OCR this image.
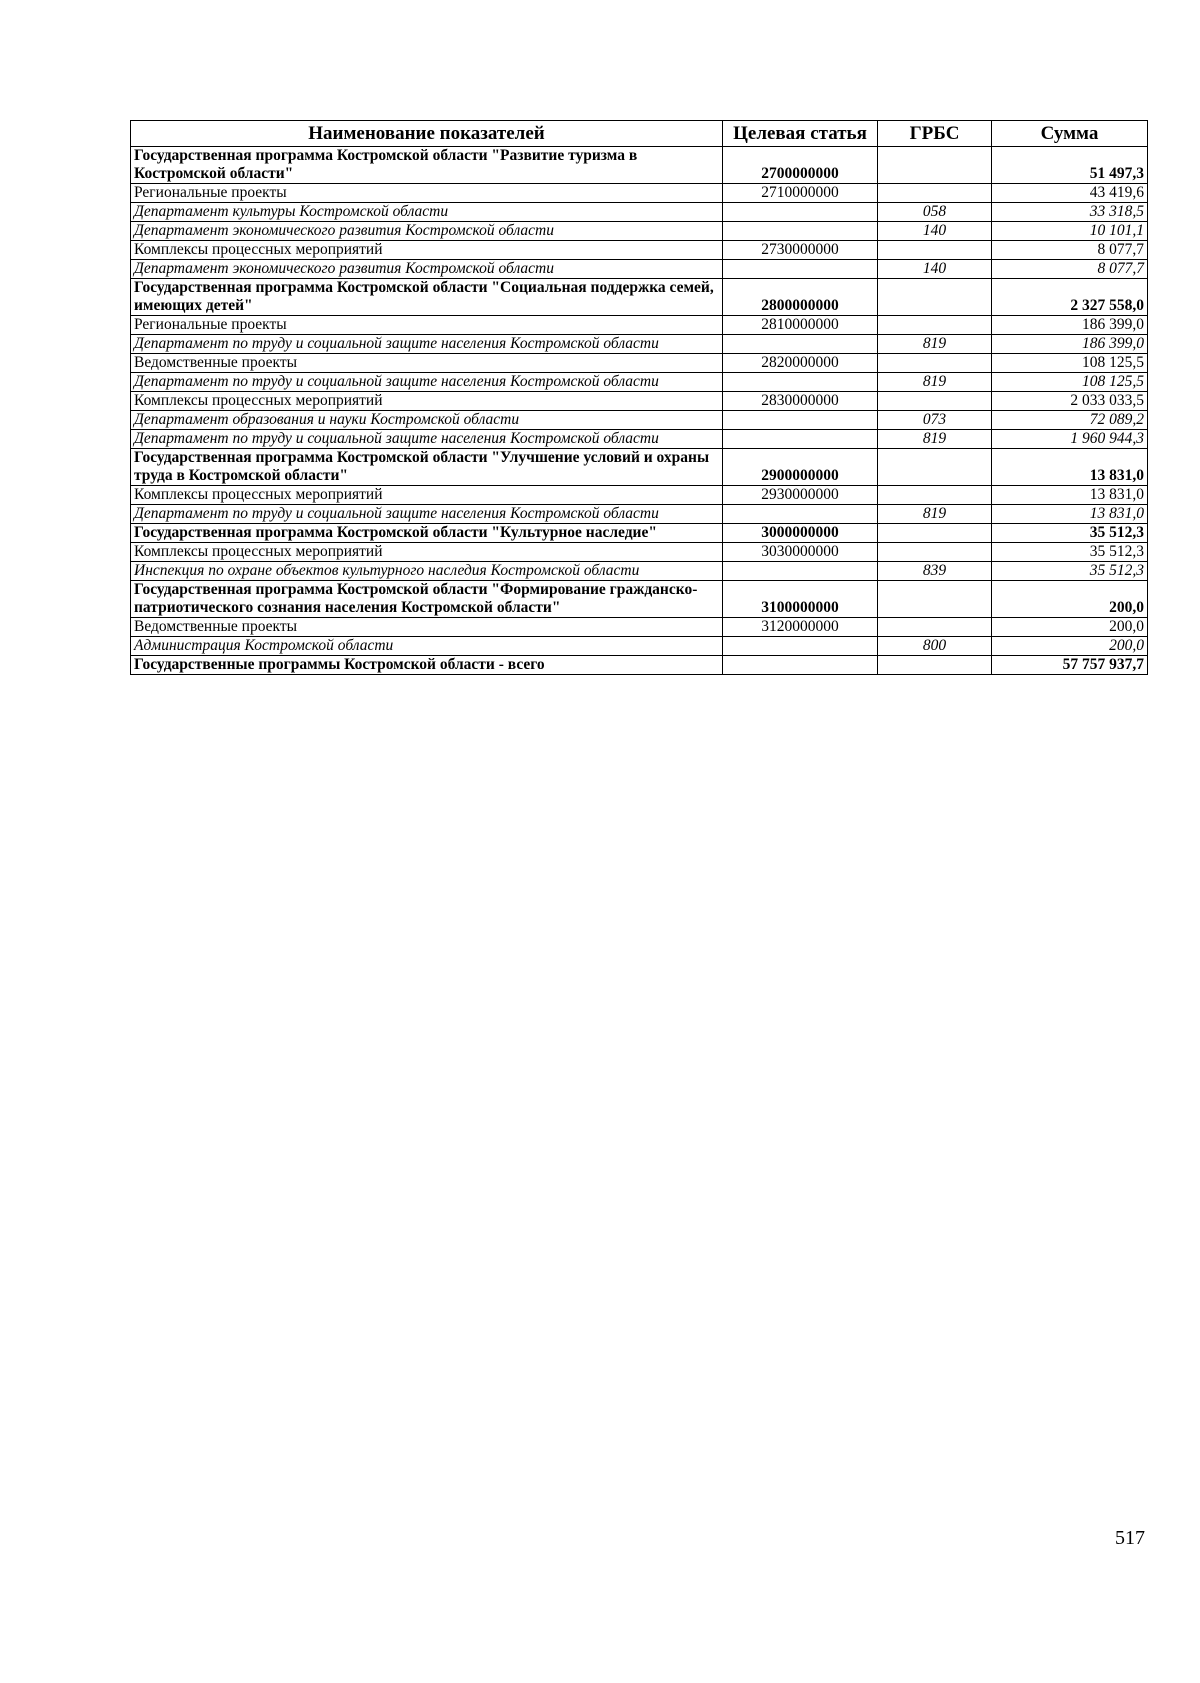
Наименование показателей	Целевая статья	ГРБС	Сумма
Государственная программа Костромской области "Развитие туризма в Костромской области"	2700000000		51 497,3
Региональные проекты	2710000000		43 419,6
Департамент культуры Костромской области		058	33 318,5
Департамент экономического развития Костромской области		140	10 101,1
Комплексы процессных мероприятий	2730000000		8 077,7
Департамент экономического развития Костромской области		140	8 077,7
Государственная программа Костромской области "Социальная поддержка семей, имеющих детей"	2800000000		2 327 558,0
Региональные проекты	2810000000		186 399,0
Департамент по труду и социальной защите населения Костромской области		819	186 399,0
Ведомственные проекты	2820000000		108 125,5
Департамент по труду и социальной защите населения Костромской области		819	108 125,5
Комплексы процессных мероприятий	2830000000		2 033 033,5
Департамент образования и науки Костромской области		073	72 089,2
Департамент по труду и социальной защите населения Костромской области		819	1 960 944,3
Государственная программа Костромской области "Улучшение условий и охраны труда в Костромской области"	2900000000		13 831,0
Комплексы процессных мероприятий	2930000000		13 831,0
Департамент по труду и социальной защите населения Костромской области		819	13 831,0
Государственная программа Костромской области "Культурное наследие"	3000000000		35 512,3
Комплексы процессных мероприятий	3030000000		35 512,3
Инспекция по охране объектов культурного наследия Костромской области		839	35 512,3
Государственная программа Костромской области "Формирование гражданско-патриотического сознания населения Костромской области"	3100000000		200,0
Ведомственные проекты	3120000000		200,0
Администрация Костромской области		800	200,0
Государственные программы Костромской области - всего			57 757 937,7
517
